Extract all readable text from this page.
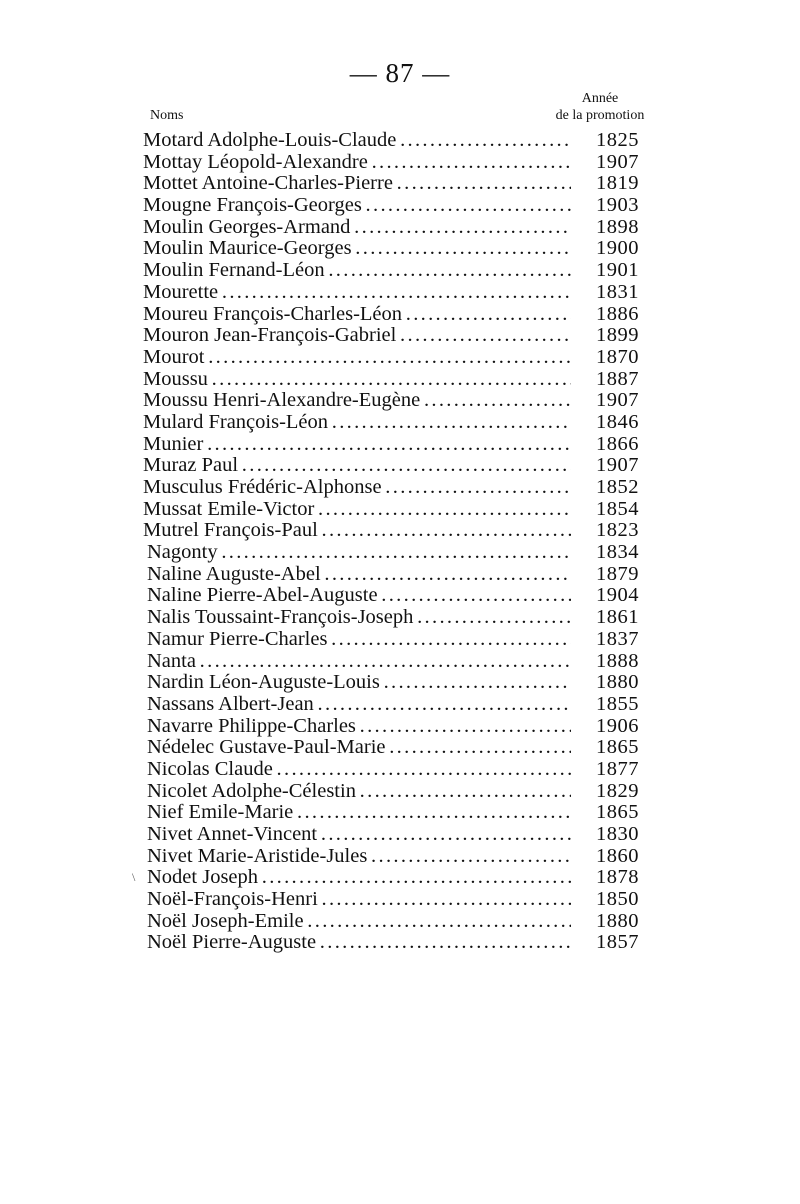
— 87 —
Noms
Année
de la promotion
Motard Adolphe-Louis-Claude . . .	1825
Mottay Léopold-Alexandre . . .	1907
Mottet Antoine-Charles-Pierre . . .	1819
Mougne François-Georges . . .	1903
Moulin Georges-Armand . . .	1898
Moulin Maurice-Georges . . .	1900
Moulin Fernand-Léon . . .	1901
Mourette . . .	1831
Moureu François-Charles-Léon . . .	1886
Mouron Jean-François-Gabriel . . .	1899
Mourot . . .	1870
Moussu . . .	1887
Moussu Henri-Alexandre-Eugène . . .	1907
Mulard François-Léon . . .	1846
Munier . . .	1866
Muraz Paul . . .	1907
Musculus Frédéric-Alphonse . . .	1852
Mussat Emile-Victor . . .	1854
Mutrel François-Paul . . .	1823
Nagonty . . .	1834
Naline Auguste-Abel . . .	1879
Naline Pierre-Abel-Auguste . . .	1904
Nalis Toussaint-François-Joseph . . .	1861
Namur Pierre-Charles . . .	1837
Nanta . . .	1888
Nardin Léon-Auguste-Louis . . .	1880
Nassans Albert-Jean . . .	1855
Navarre Philippe-Charles . . .	1906
Nédelec Gustave-Paul-Marie . . .	1865
Nicolas Claude . . .	1877
Nicolet Adolphe-Célestin . . .	1829
Nief Emile-Marie . . .	1865
Nivet Annet-Vincent . . .	1830
Nivet Marie-Aristide-Jules . . .	1860
\ Nodet Joseph . . .	1878
Noël-François-Henri . . .	1850
Noël Joseph-Emile . . .	1880
Noël Pierre-Auguste . . .	1857
